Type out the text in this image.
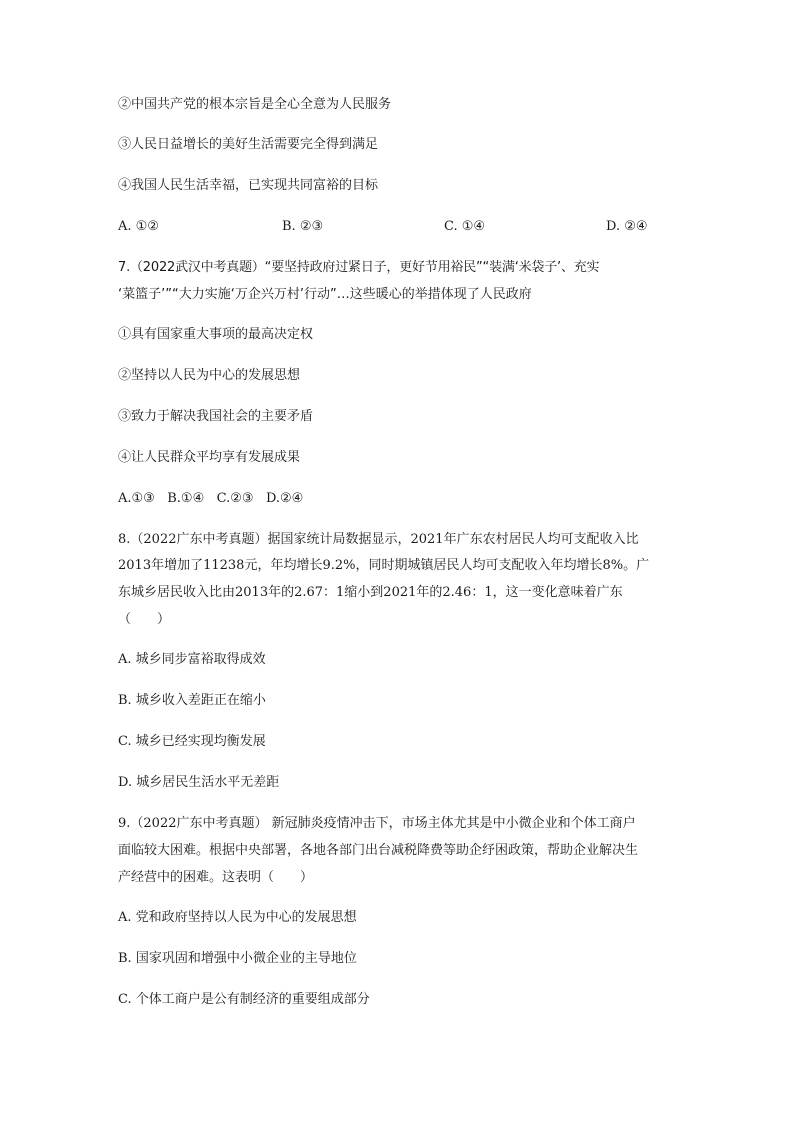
②中国共产党的根本宗旨是全心全意为人民服务
③人民日益增长的美好生活需要完全得到满足
④我国人民生活幸福，已实现共同富裕的目标
A. ①②	B. ②③	C. ①④	D. ②④
7.（2022武汉中考真题）“要坚持政府过紧日子，更好节用裕民”“装满‘米袋子’、充实
‘菜篮子’”“大力实施‘万企兴万村’行动”…这些暖心的举措体现了人民政府
①具有国家重大事项的最高决定权
②坚持以人民为中心的发展思想
③致力于解决我国社会的主要矛盾
④让人民群众平均享有发展成果
A.①③   B.①④   C.②③   D.②④
8.（2022广东中考真题）据国家统计局数据显示，2021年广东农村居民人均可支配收入比
2013年增加了11238元，年均增长9.2%，同时期城镇居民人均可支配收入年均增长8%。广
东城乡居民收入比由2013年的2.67：1缩小到2021年的2.46：1，这一变化意味着广东
（　　）
A. 城乡同步富裕取得成效
B. 城乡收入差距正在缩小
C. 城乡已经实现均衡发展
D. 城乡居民生活水平无差距
9.（2022广东中考真题） 新冠肺炎疫情冲击下，市场主体尤其是中小微企业和个体工商户
面临较大困难。根据中央部署，各地各部门出台减税降费等助企纾困政策，帮助企业解决生
产经营中的困难。这表明（　　）
A. 党和政府坚持以人民为中心的发展思想
B. 国家巩固和增强中小微企业的主导地位
C. 个体工商户是公有制经济的重要组成部分
